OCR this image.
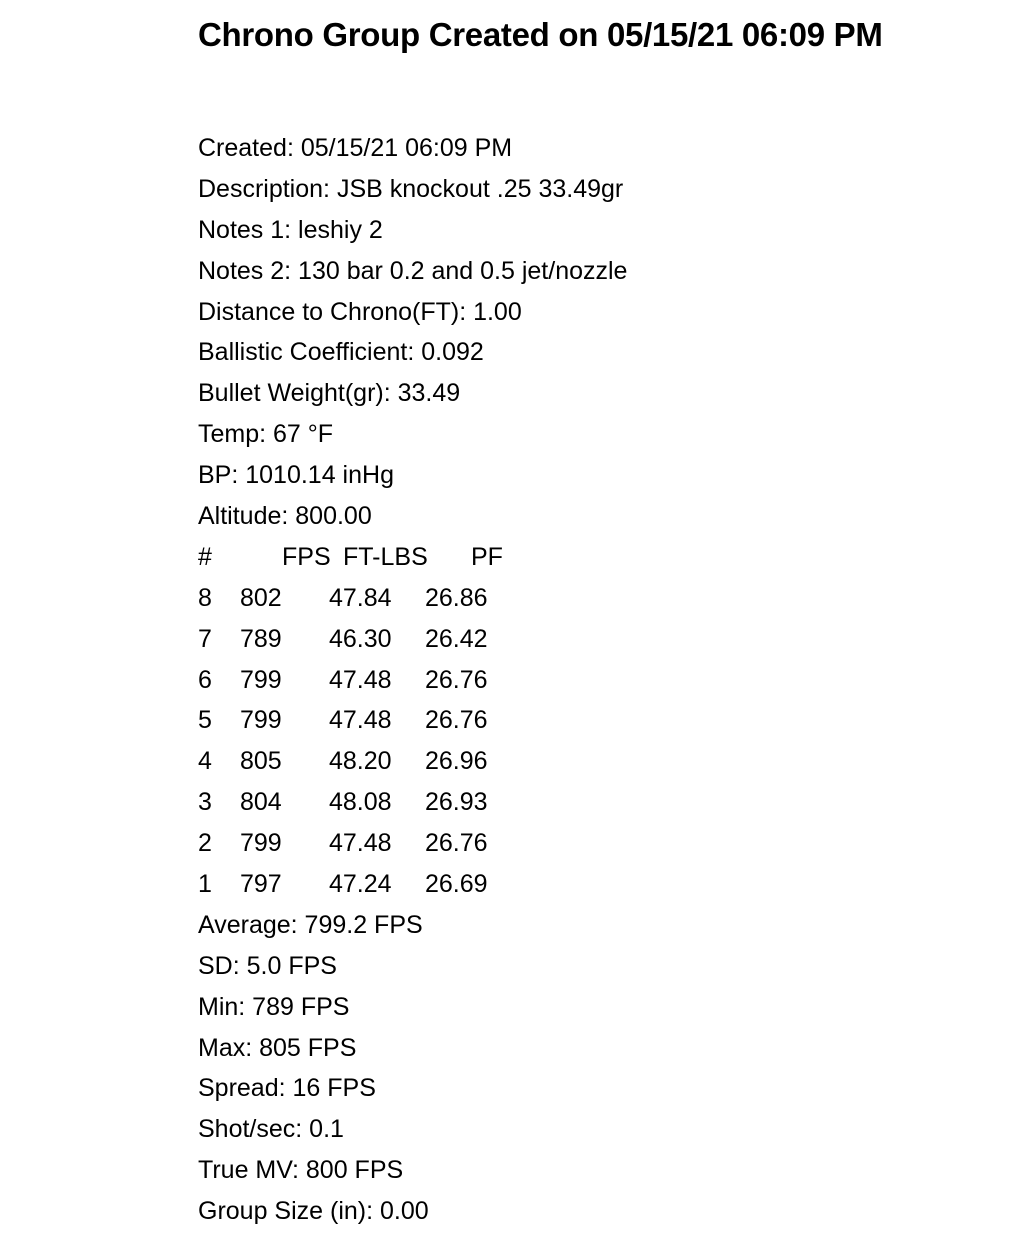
Chrono Group Created on 05/15/21 06:09 PM
Created: 05/15/21 06:09 PM
Description: JSB knockout .25 33.49gr
Notes 1: leshiy 2
Notes 2: 130 bar 0.2 and 0.5 jet/nozzle
Distance to Chrono(FT): 1.00
Ballistic Coefficient: 0.092
Bullet Weight(gr): 33.49
Temp: 67 °F
BP: 1010.14 inHg
Altitude: 800.00
#	FPS FT-LBS PF
8 802 47.84 26.86
7 789 46.30 26.42
6 799 47.48 26.76
5 799 47.48 26.76
4 805 48.20 26.96
3 804 48.08 26.93
2 799 47.48 26.76
1 797 47.24 26.69
Average: 799.2 FPS
SD: 5.0 FPS
Min: 789 FPS
Max: 805 FPS
Spread: 16 FPS
Shot/sec: 0.1
True MV: 800 FPS
Group Size (in): 0.00
